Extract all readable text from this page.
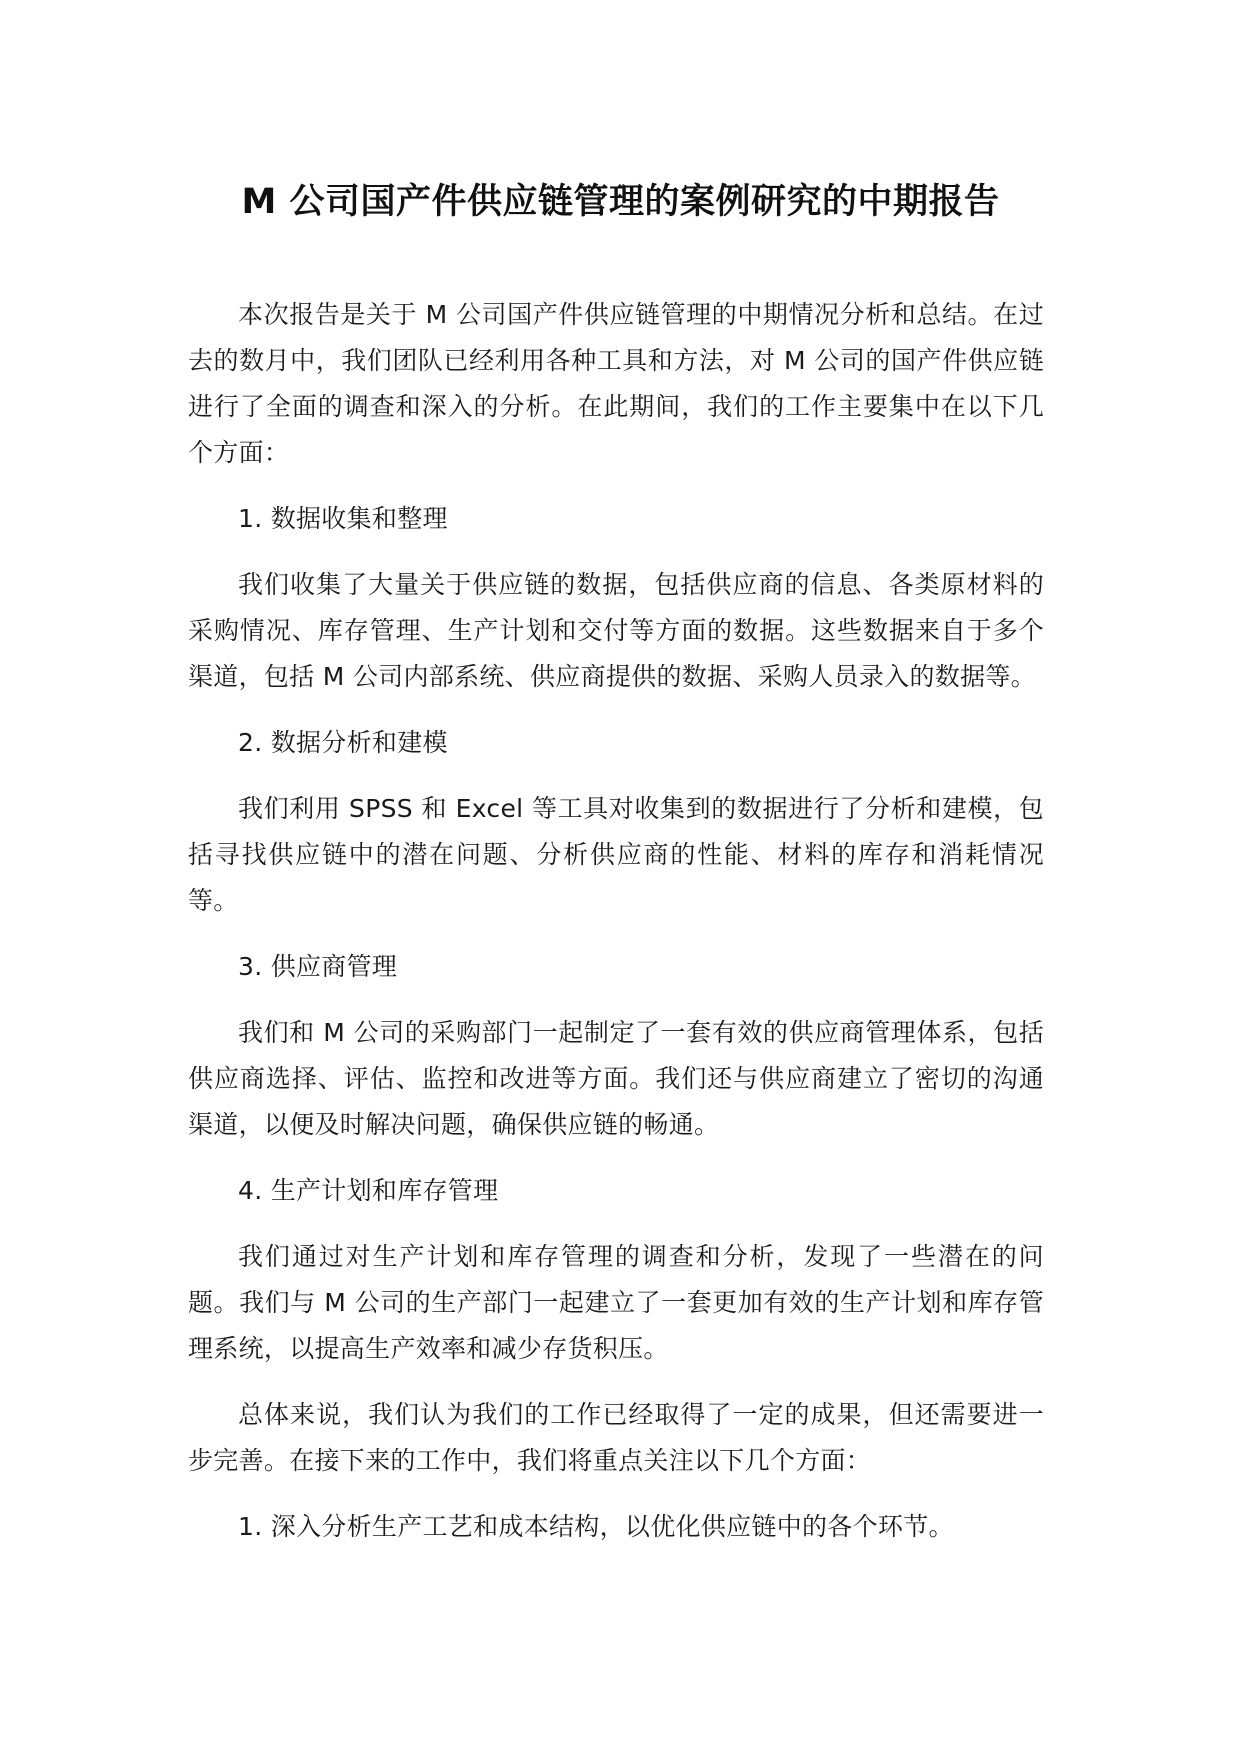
M 公司国产件供应链管理的案例研究的中期报告

本次报告是关于 M 公司国产件供应链管理的中期情况分析和总结。在过去的数月中，我们团队已经利用各种工具和方法，对 M 公司的国产件供应链进行了全面的调查和深入的分析。在此期间，我们的工作主要集中在以下几个方面：

1. 数据收集和整理

我们收集了大量关于供应链的数据，包括供应商的信息、各类原材料的采购情况、库存管理、生产计划和交付等方面的数据。这些数据来自于多个渠道，包括 M 公司内部系统、供应商提供的数据、采购人员录入的数据等。

2. 数据分析和建模

我们利用 SPSS 和 Excel 等工具对收集到的数据进行了分析和建模，包括寻找供应链中的潜在问题、分析供应商的性能、材料的库存和消耗情况等。

3. 供应商管理

我们和 M 公司的采购部门一起制定了一套有效的供应商管理体系，包括供应商选择、评估、监控和改进等方面。我们还与供应商建立了密切的沟通渠道，以便及时解决问题，确保供应链的畅通。

4. 生产计划和库存管理

我们通过对生产计划和库存管理的调查和分析，发现了一些潜在的问题。我们与 M 公司的生产部门一起建立了一套更加有效的生产计划和库存管理系统，以提高生产效率和减少存货积压。

总体来说，我们认为我们的工作已经取得了一定的成果，但还需要进一步完善。在接下来的工作中，我们将重点关注以下几个方面：

1. 深入分析生产工艺和成本结构，以优化供应链中的各个环节。
